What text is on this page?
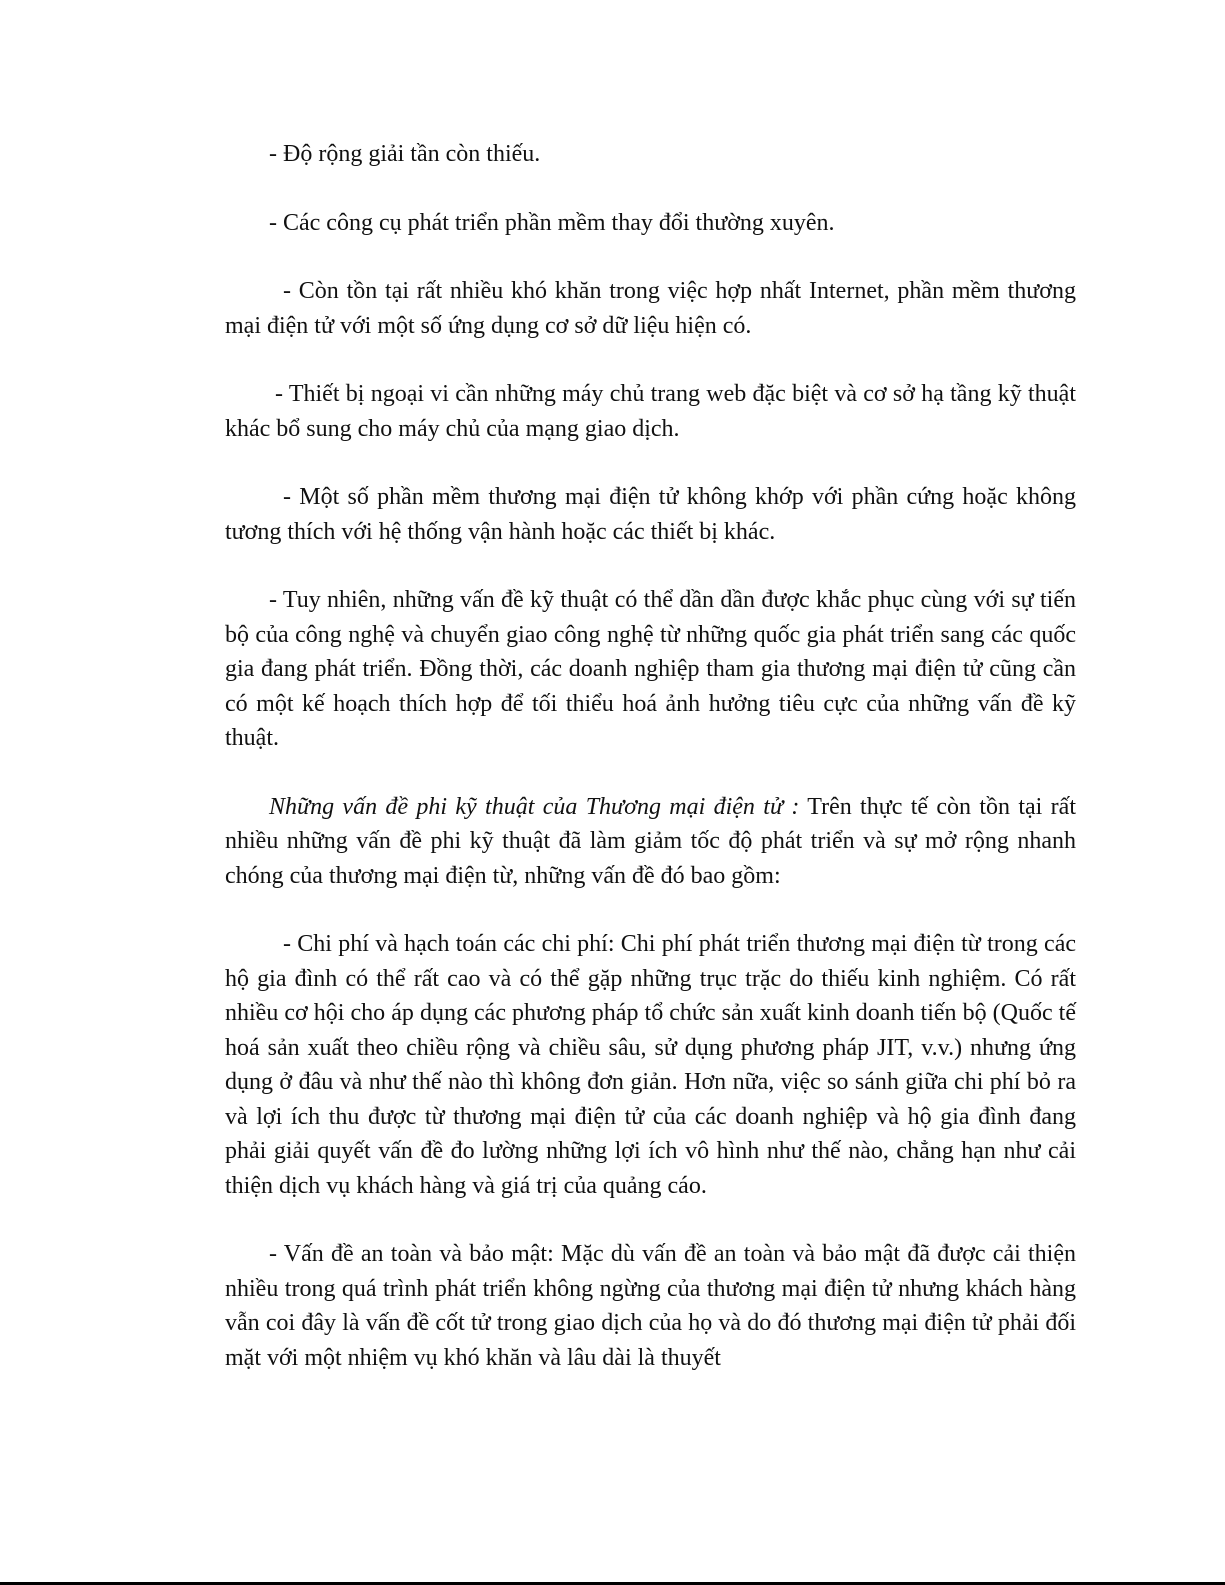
- Độ rộng giải tần còn thiếu.

- Các công cụ phát triển phần mềm thay đổi thường xuyên.

- Còn tồn tại rất nhiều khó khăn trong việc hợp nhất Internet, phần mềm thương mại điện tử với một số ứng dụng cơ sở dữ liệu hiện có.

- Thiết bị ngoại vi cần những máy chủ trang web đặc biệt và cơ sở hạ tầng kỹ thuật khác bổ sung cho máy chủ của mạng giao dịch.

- Một số phần mềm thương mại điện tử không khớp với phần cứng hoặc không tương thích với hệ thống vận hành hoặc các thiết bị khác.

- Tuy nhiên, những vấn đề kỹ thuật có thể dần dần được khắc phục cùng với sự tiến bộ của công nghệ và chuyển giao công nghệ từ những quốc gia phát triển sang các quốc gia đang phát triển. Đồng thời, các doanh nghiệp tham gia thương mại điện tử cũng cần có một kế hoạch thích hợp để tối thiểu hoá ảnh hưởng tiêu cực của những vấn đề kỹ thuật.

Những vấn đề phi kỹ thuật của Thương mại điện tử : Trên thực tế còn tồn tại rất nhiều những vấn đề phi kỹ thuật đã làm giảm tốc độ phát triển và sự mở rộng nhanh chóng của thương mại điện từ, những vấn đề đó bao gồm:

- Chi phí và hạch toán các chi phí: Chi phí phát triển thương mại điện từ trong các hộ gia đình có thể rất cao và có thể gặp những trục trặc do thiếu kinh nghiệm. Có rất nhiều cơ hội cho áp dụng các phương pháp tổ chức sản xuất kinh doanh tiến bộ (Quốc tế hoá sản xuất theo chiều rộng và chiều sâu, sử dụng phương pháp JIT, v.v.) nhưng ứng dụng ở đâu và như thế nào thì không đơn giản. Hơn nữa, việc so sánh giữa chi phí bỏ ra và lợi ích thu được từ thương mại điện tử của các doanh nghiệp và hộ gia đình đang phải giải quyết vấn đề đo lường những lợi ích vô hình như thế nào, chẳng hạn như cải thiện dịch vụ khách hàng và giá trị của quảng cáo.

- Vấn đề an toàn và bảo mật: Mặc dù vấn đề an toàn và bảo mật đã được cải thiện nhiều trong quá trình phát triển không ngừng của thương mại điện tử nhưng khách hàng vẫn coi đây là vấn đề cốt tử trong giao dịch của họ và do đó thương mại điện tử phải đối mặt với một nhiệm vụ khó khăn và lâu dài là thuyết
